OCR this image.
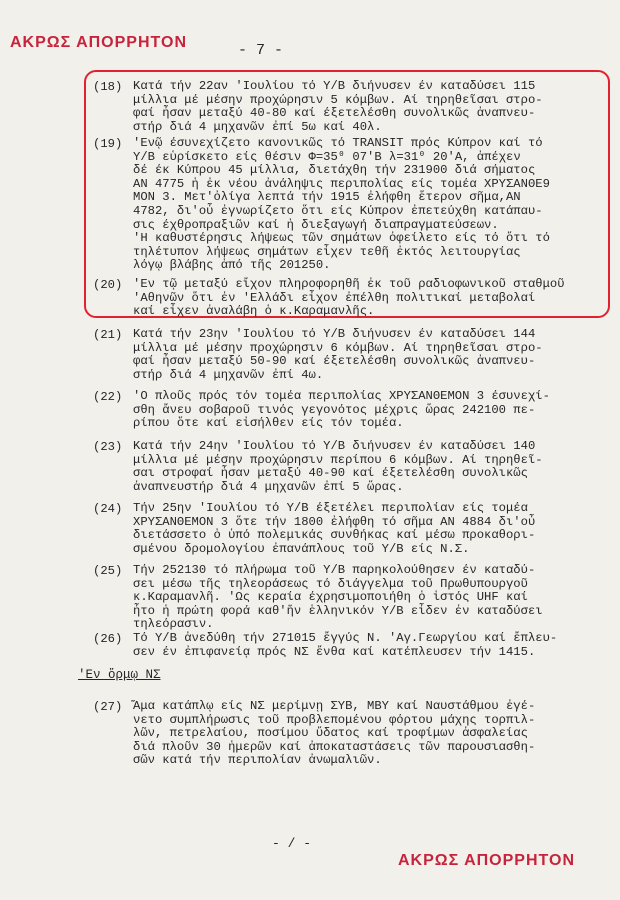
ΑΚΡΩΣ ΑΠΟΡΡΗΤΟΝ	- 7 -
(18) Κατά τήν 22αν 'Ιουλίου τό Υ/Β διήνυσεν έν καταδύσει 115
μίλλια μέ μέσην προχώρησιν 5 κόμβων. Αί τηρηθεῖσαι στρο-
φαί ἦσαν μεταξύ 40-80 καί έξετελέσθη συνολικῶς ἀναπνευ-
στήρ διά 4 μηχανῶν ἐπί 5ω καί 40λ.
(19) 'Ενῷ έσυνεχίζετο κανονικῶς τό TRANSIT πρός Κύπρον καί τό
Υ/Β εὑρίσκετο είς θέσιν Φ=35⁰ 07'Β λ=31⁰ 20'Α, ἀπέχεν
δέ έκ Κύπρου 45 μίλλια, διετάχθη τήν 231900 διά σήματος
ΑΝ 4775 ἡ ἐκ νέου ἀνάληψις περιπολίας είς τομέα ΧΡΥΣΑΝΘΕ9
ΜΟΝ 3. Μετ'ὀλίγα λεπτά τήν 1915 ἐλήφθη ἕτερον σῆμα,ΑΝ
4782, δι'οὗ ἐγνωρίζετο ὅτι είς Κύπρον ἐπετεύχθη κατάπαυ-
σις έχθροπραξιῶν καί ἡ διεξαγωγή διαπραγματεύσεων.
'Η καθυστέρησις λήψεως τῶν σημάτων ὀφείλετο είς τό ὅτι τό
τηλέτυπον λήψεως σημάτων εἶχεν τεθῆ ἐκτός λειτουργίας
λόγῳ βλάβης ἀπό τῆς 201250.
(20) 'Εν τῷ μεταξύ εἴχον πληροφορηθῆ ἐκ τοῦ ραδιοφωνικοῦ σταθμοῦ
'Αθηνῶν ὅτι ἐν 'Ελλάδι εἶχον ἐπέλθη πολιτικαί μεταβολαί
καί εἶχεν ἀναλάβη ὁ κ.Καραμανλῆς.
(21) Κατά τήν 23ην 'Ιουλίου τό Υ/Β διήνυσεν έν καταδύσει 144
μίλλια μέ μέσην προχώρησιν 6 κόμβων. Αί τηρηθεῖσαι στρο-
φαί ἦσαν μεταξύ 50-90 καί έξετελέσθη συνολικῶς ἀναπνευ-
στήρ διά 4 μηχανῶν ἐπί 4ω.
(22) 'Ο πλοῦς πρός τόν τομέα περιπολίας ΧΡΥΣΑΝΘΕΜΟΝ 3 έσυνεχί-
σθη ἄνευ σοβαροῦ τινός γεγονότος μέχρις ὥρας 242100 πε-
ρίπου ὅτε καί εἰσήλθεν είς τόν τομέα.
(23) Κατά τήν 24ην 'Ιουλίου τό Υ/Β διήνυσεν έν καταδύσει 140
μίλλια μέ μέσην προχώρησιν περίπου 6 κόμβων. Αί τηρηθεῖ-
σαι στροφαί ἦσαν μεταξύ 40-90 καί έξετελέσθη συνολικῶς
ἀναπνευστήρ διά 4 μηχανῶν ἐπί 5 ὥρας.
(24) Τήν 25ην 'Ιουλίου τό Υ/Β έξετέλει περιπολίαν είς τομέα
ΧΡΥΣΑΝΘΕΜΟΝ 3 ὅτε τήν 1800 ἐλήφθη τό σῆμα ΑΝ 4884 δι'οὗ
διετάσσετο ὁ ὑπό πολεμικάς συνθήκας καί μέσω προκαθορι-
σμένου δρομολογίου ἐπανάπλους τοῦ Υ/Β είς Ν.Σ.
(25) Τήν 252130 τό πλήρωμα τοῦ Υ/Β παρηκολούθησεν έν καταδύ-
σει μέσω τῆς τηλεοράσεως τό διάγγελμα τοῦ Πρωθυπουργοῦ
κ.Καραμανλῆ. 'Ως κεραία έχρησιμοποιήθη ὁ ἱστός UHF καί
ἦτο ἡ πρώτη φορά καθ'ἥν ἑλληνικόν Υ/Β εἶδεν ἐν καταδύσει
τηλεόρασιν.
(26) Τό Υ/Β ἀνεδύθη τήν 271015 ἔγγύς Ν. 'Αγ.Γεωργίου καί ἔπλευ-
σεν έν ἐπιφανείᾳ πρός ΝΣ ἔνθα καί κατέπλευσεν τήν 1415.
'Εν ὅρμῳ ΝΣ
(27) Ἅμα κατάπλῳ είς ΝΣ μερίμνῃ ΣΥΒ, ΜΒΥ καί Ναυστάθμου ἐγέ-
νετο συμπλήρωσις τοῦ προβλεπομένου φόρτου μάχης τορπιλ-
λῶν, πετρελαίου, ποσίμου ὕδατος καί τροφίμων ἀσφαλείας
διά πλοῦν 30 ἡμερῶν καί ἀποκαταστάσεις τῶν παρουσιασθη-
σῶν κατά τήν περιπολίαν ἀνωμαλιῶν.
- / -
ΑΚΡΩΣ ΑΠΟΡΡΗΤΟΝ
